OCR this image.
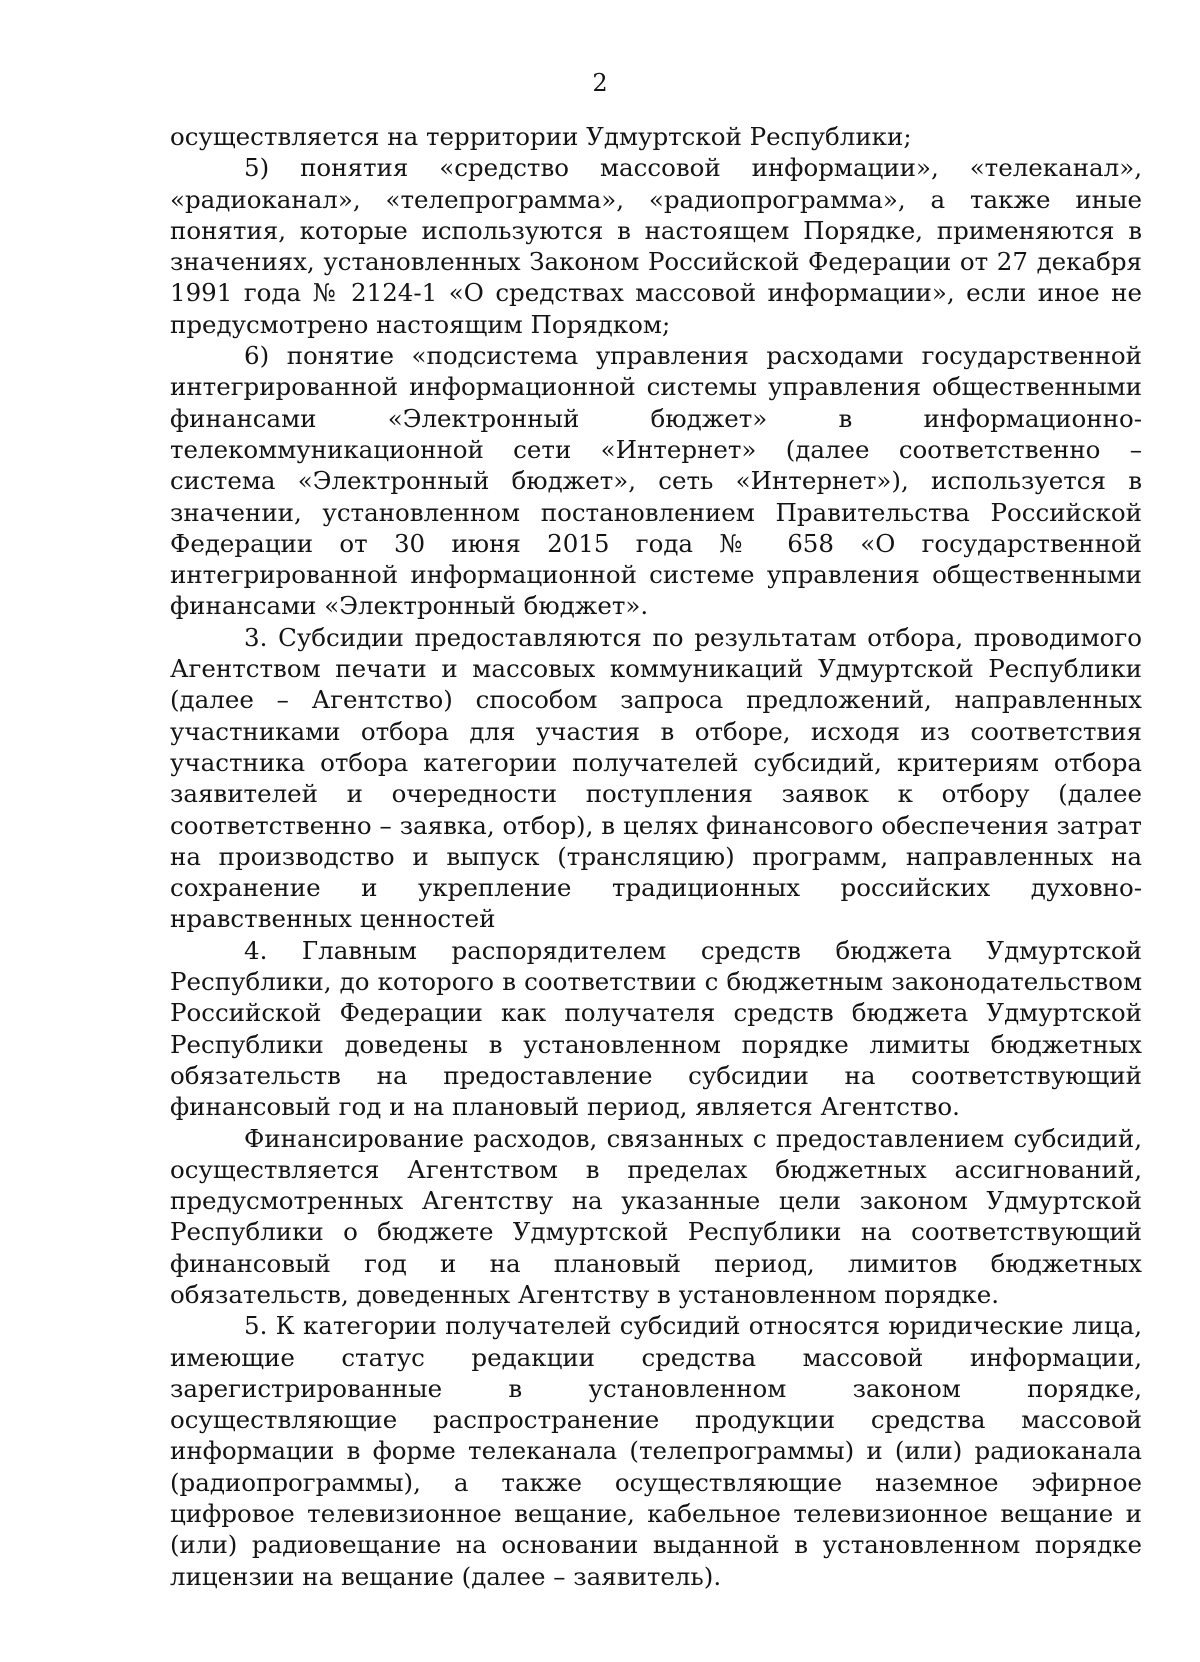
2

осуществляется на территории Удмуртской Республики;

5) понятия «средство массовой информации», «телеканал», «радиоканал», «телепрограмма», «радиопрограмма», а также иные понятия, которые используются в настоящем Порядке, применяются в значениях, установленных Законом Российской Федерации от 27 декабря 1991 года № 2124-1 «О средствах массовой информации», если иное не предусмотрено настоящим Порядком;

6) понятие «подсистема управления расходами государственной интегрированной информационной системы управления общественными финансами «Электронный бюджет» в информационно-телекоммуникационной сети «Интернет» (далее соответственно – система «Электронный бюджет», сеть «Интернет»), используется в значении, установленном постановлением Правительства Российской Федерации от 30 июня 2015 года № 658 «О государственной интегрированной информационной системе управления общественными финансами «Электронный бюджет».

3. Субсидии предоставляются по результатам отбора, проводимого Агентством печати и массовых коммуникаций Удмуртской Республики (далее – Агентство) способом запроса предложений, направленных участниками отбора для участия в отборе, исходя из соответствия участника отбора категории получателей субсидий, критериям отбора заявителей и очередности поступления заявок к отбору (далее соответственно – заявка, отбор), в целях финансового обеспечения затрат на производство и выпуск (трансляцию) программ, направленных на сохранение и укрепление традиционных российских духовно-нравственных ценностей

4. Главным распорядителем средств бюджета Удмуртской Республики, до которого в соответствии с бюджетным законодательством Российской Федерации как получателя средств бюджета Удмуртской Республики доведены в установленном порядке лимиты бюджетных обязательств на предоставление субсидии на соответствующий финансовый год и на плановый период, является Агентство.

Финансирование расходов, связанных с предоставлением субсидий, осуществляется Агентством в пределах бюджетных ассигнований, предусмотренных Агентству на указанные цели законом Удмуртской Республики о бюджете Удмуртской Республики на соответствующий финансовый год и на плановый период, лимитов бюджетных обязательств, доведенных Агентству в установленном порядке.

5. К категории получателей субсидий относятся юридические лица, имеющие статус редакции средства массовой информации, зарегистрированные в установленном законом порядке, осуществляющие распространение продукции средства массовой информации в форме телеканала (телепрограммы) и (или) радиоканала (радиопрограммы), а также осуществляющие наземное эфирное цифровое телевизионное вещание, кабельное телевизионное вещание и (или) радиовещание на основании выданной в установленном порядке лицензии на вещание (далее – заявитель).
